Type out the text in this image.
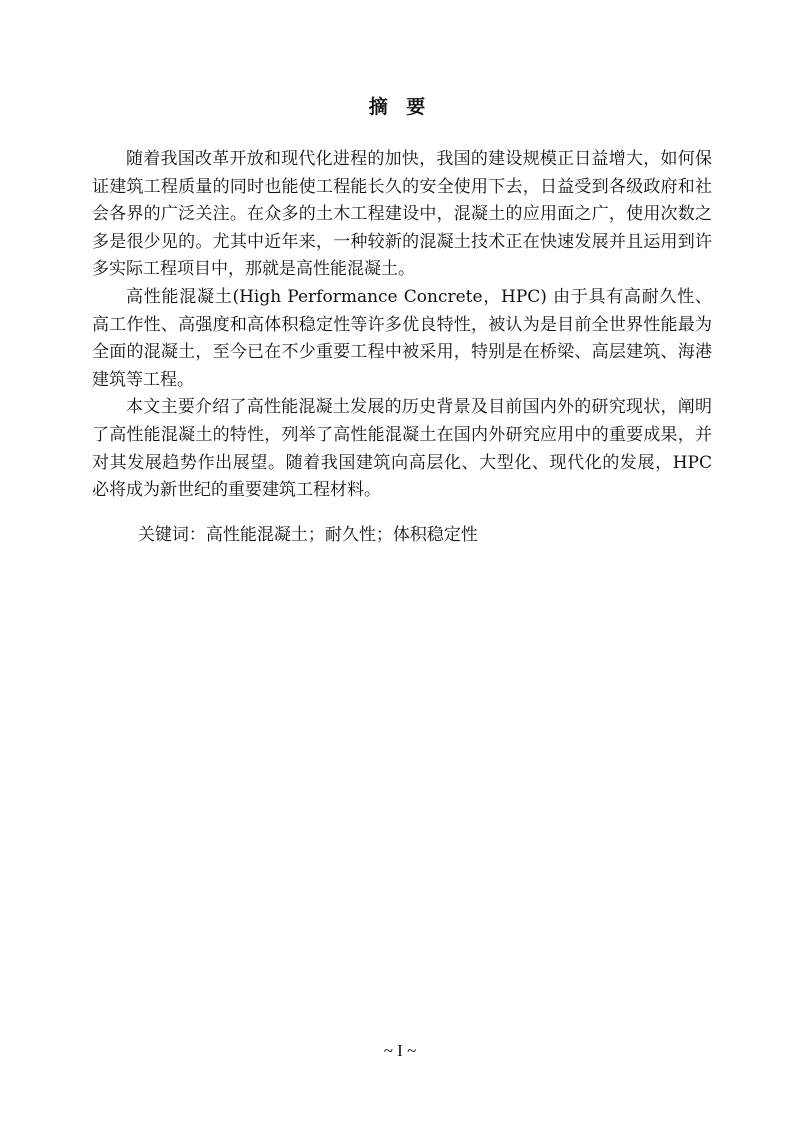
摘 要

随着我国改革开放和现代化进程的加快，我国的建设规模正日益增大，如何保证建筑工程质量的同时也能使工程能长久的安全使用下去，日益受到各级政府和社会各界的广泛关注。在众多的土木工程建设中，混凝土的应用面之广，使用次数之多是很少见的。尤其中近年来，一种较新的混凝土技术正在快速发展并且运用到许多实际工程项目中，那就是高性能混凝土。

高性能混凝土(High Performance Concrete，HPC) 由于具有高耐久性、高工作性、高强度和高体积稳定性等许多优良特性，被认为是目前全世界性能最为全面的混凝土，至今已在不少重要工程中被采用，特别是在桥梁、高层建筑、海港建筑等工程。

本文主要介绍了高性能混凝土发展的历史背景及目前国内外的研究现状，阐明了高性能混凝土的特性，列举了高性能混凝土在国内外研究应用中的重要成果，并对其发展趋势作出展望。随着我国建筑向高层化、大型化、现代化的发展，HPC 必将成为新世纪的重要建筑工程材料。

关键词：高性能混凝土；耐久性；体积稳定性
~ I ~
